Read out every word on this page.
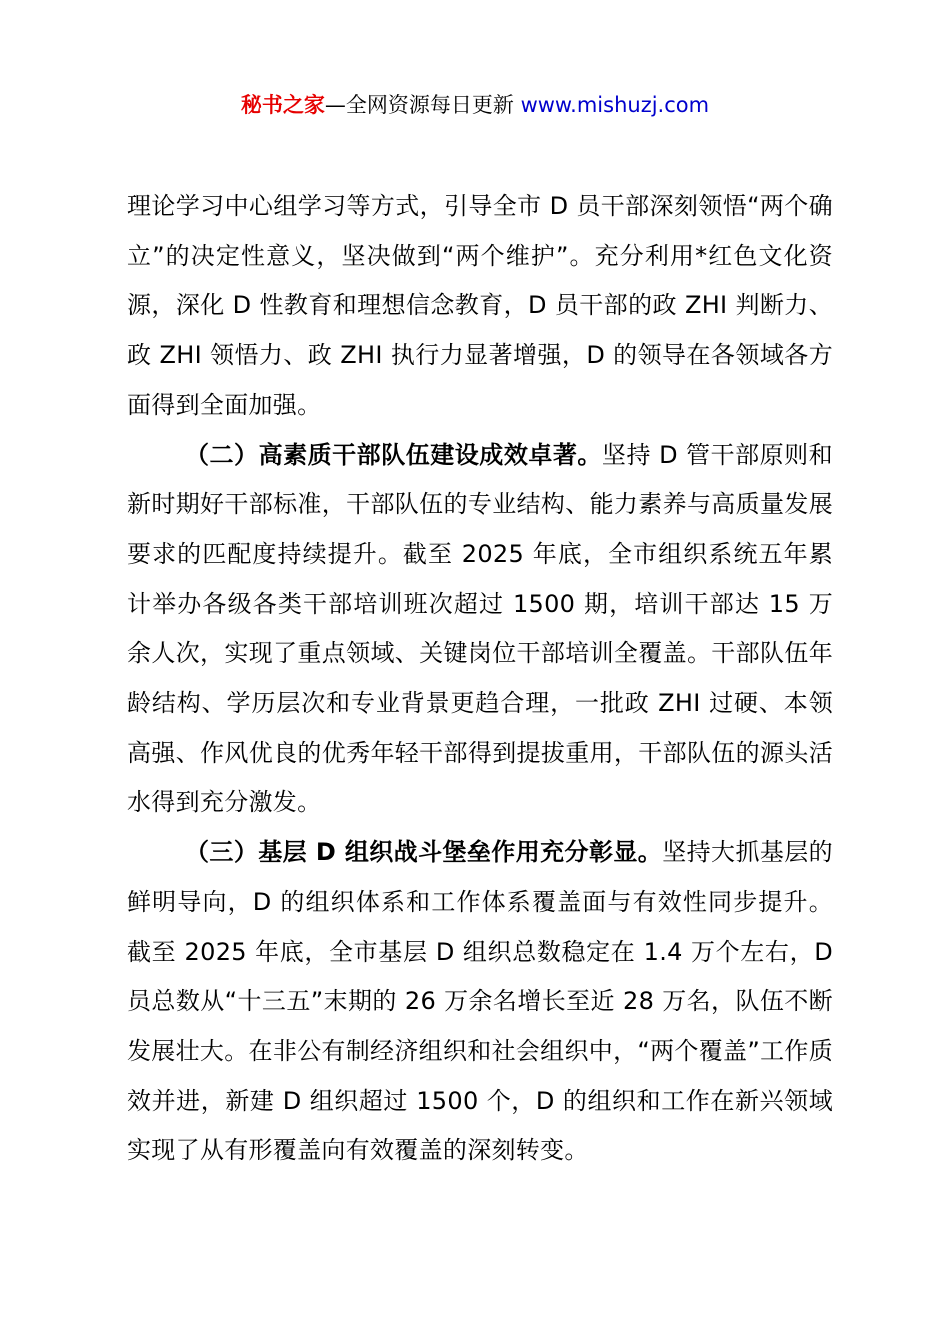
秘书之家—全网资源每日更新 www.mishuzj.com

理论学习中心组学习等方式，引导全市 D 员干部深刻领悟“两个确立”的决定性意义，坚决做到“两个维护”。充分利用*红色文化资源，深化 D 性教育和理想信念教育，D 员干部的政 ZHI 判断力、政 ZHI 领悟力、政 ZHI 执行力显著增强，D 的领导在各领域各方面得到全面加强。

（二）高素质干部队伍建设成效卓著。坚持 D 管干部原则和新时期好干部标准，干部队伍的专业结构、能力素养与高质量发展要求的匹配度持续提升。截至 2025 年底，全市组织系统五年累计举办各级各类干部培训班次超过 1500 期，培训干部达 15 万余人次，实现了重点领域、关键岗位干部培训全覆盖。干部队伍年龄结构、学历层次和专业背景更趋合理，一批政 ZHI 过硬、本领高强、作风优良的优秀年轻干部得到提拔重用，干部队伍的源头活水得到充分激发。

（三）基层 D 组织战斗堡垒作用充分彰显。坚持大抓基层的鲜明导向，D 的组织体系和工作体系覆盖面与有效性同步提升。截至 2025 年底，全市基层 D 组织总数稳定在 1.4 万个左右，D 员总数从“十三五”末期的 26 万余名增长至近 28 万名，队伍不断发展壮大。在非公有制经济组织和社会组织中，“两个覆盖”工作质效并进，新建 D 组织超过 1500 个，D 的组织和工作在新兴领域实现了从有形覆盖向有效覆盖的深刻转变。
